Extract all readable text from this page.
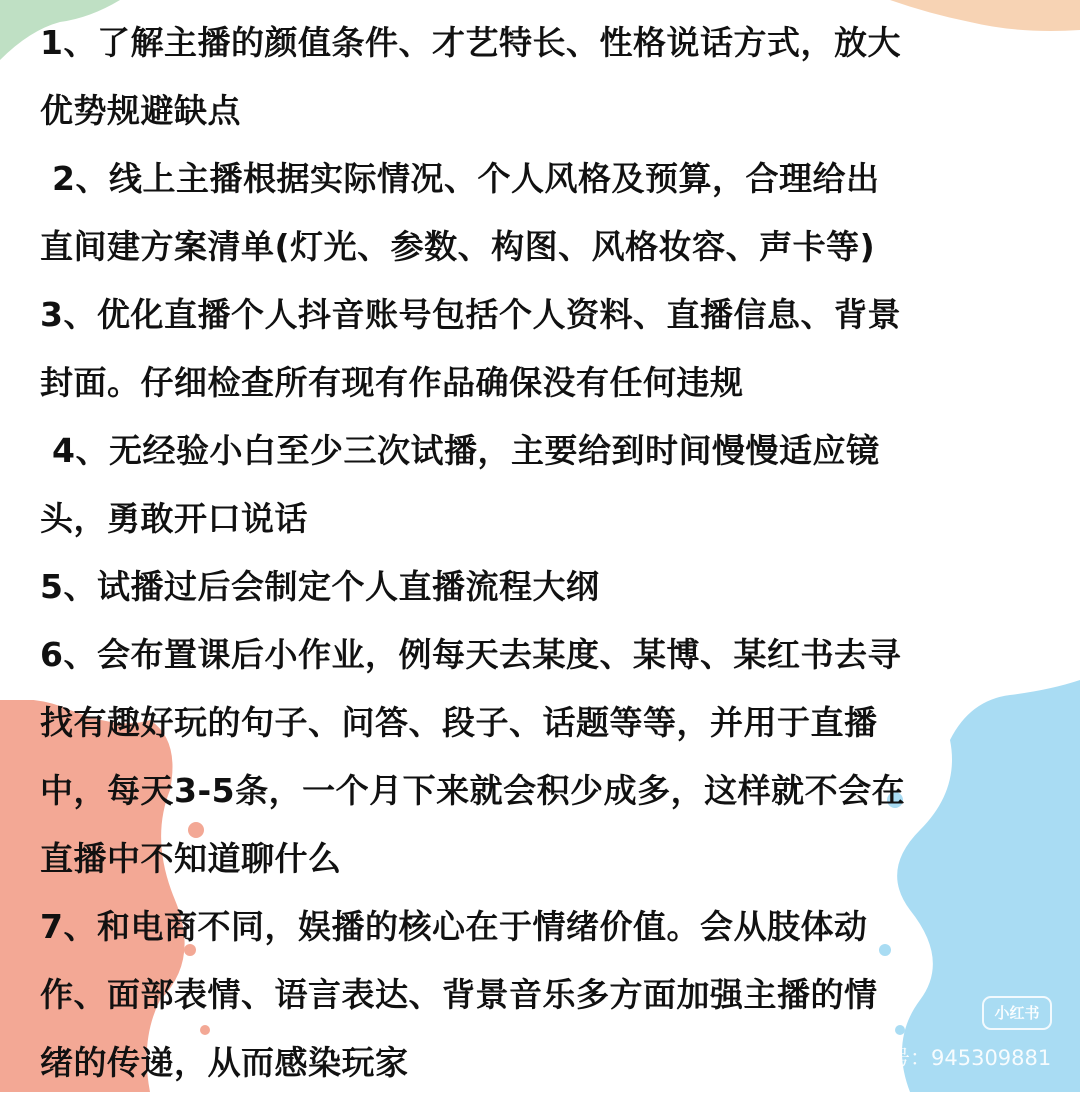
1、了解主播的颜值条件、才艺特长、性格说话方式，放大
优势规避缺点
2、线上主播根据实际情况、个人风格及预算，合理给出
直间建方案清单(灯光、参数、构图、风格妆容、声卡等)
3、优化直播个人抖音账号包括个人资料、直播信息、背景
封面。仔细检查所有现有作品确保没有任何违规
4、无经验小白至少三次试播，主要给到时间慢慢适应镜
头，勇敢开口说话
5、试播过后会制定个人直播流程大纲
6、会布置课后小作业，例每天去某度、某博、某红书去寻
找有趣好玩的句子、问答、段子、话题等等，并用于直播
中，每天3-5条，一个月下来就会积少成多，这样就不会在
直播中不知道聊什么
7、和电商不同，娱播的核心在于情绪价值。会从肢体动
作、面部表情、语言表达、背景音乐多方面加强主播的情
绪的传递，从而感染玩家
小红书
小红书号：945309881
